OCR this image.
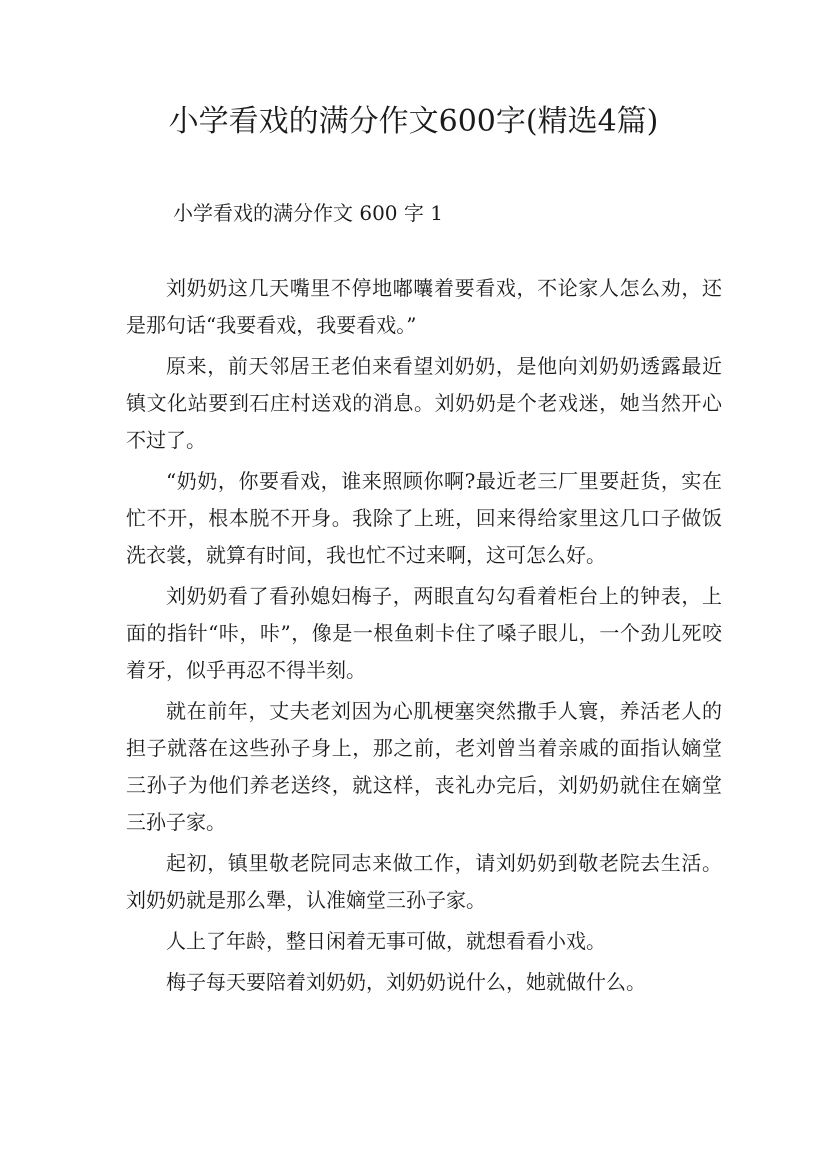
小学看戏的满分作文600字(精选4篇)
小学看戏的满分作文 600 字 1

刘奶奶这几天嘴里不停地嘟囔着要看戏，不论家人怎么劝，还是那句话“我要看戏，我要看戏。”

原来，前天邻居王老伯来看望刘奶奶，是他向刘奶奶透露最近镇文化站要到石庄村送戏的消息。刘奶奶是个老戏迷，她当然开心不过了。

“奶奶，你要看戏，谁来照顾你啊?最近老三厂里要赶货，实在忙不开，根本脱不开身。我除了上班，回来得给家里这几口子做饭洗衣裳，就算有时间，我也忙不过来啊，这可怎么好。

刘奶奶看了看孙媳妇梅子，两眼直勾勾看着柜台上的钟表，上面的指针“咔，咔”，像是一根鱼刺卡住了嗓子眼儿，一个劲儿死咬着牙，似乎再忍不得半刻。

就在前年，丈夫老刘因为心肌梗塞突然撒手人寰，养活老人的担子就落在这些孙子身上，那之前，老刘曾当着亲戚的面指认嫡堂三孙子为他们养老送终，就这样，丧礼办完后，刘奶奶就住在嫡堂三孙子家。

起初，镇里敬老院同志来做工作，请刘奶奶到敬老院去生活。刘奶奶就是那么犟，认准嫡堂三孙子家。

人上了年龄，整日闲着无事可做，就想看看小戏。

梅子每天要陪着刘奶奶，刘奶奶说什么，她就做什么。
